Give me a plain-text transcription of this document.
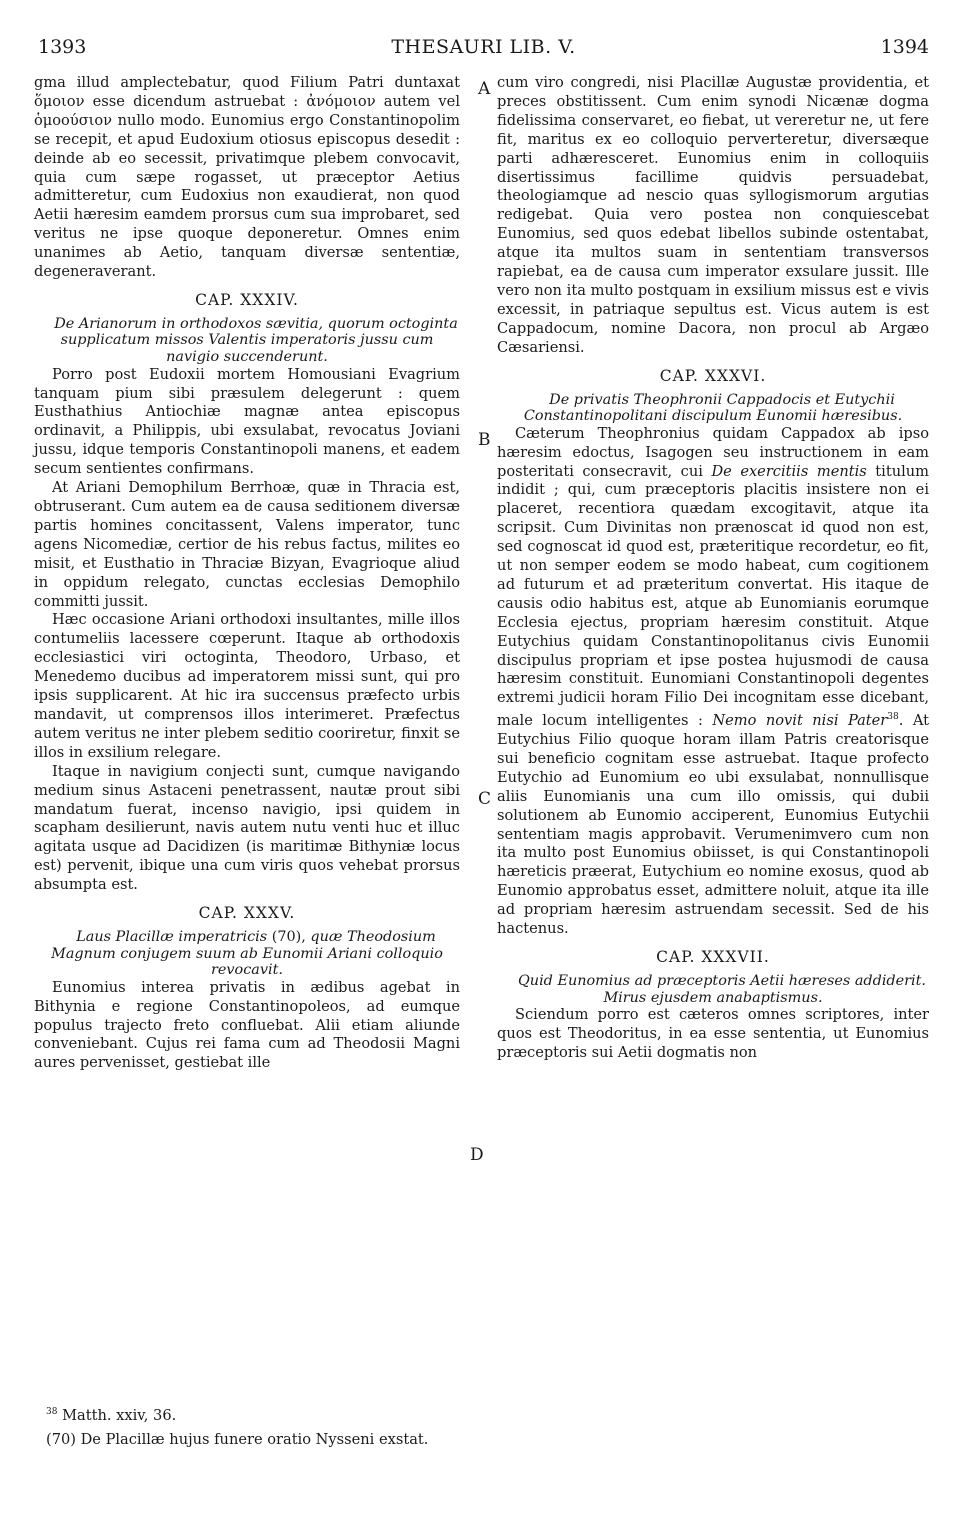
1393	THESAURI LIB. V.	1394
A
B
C
D

gma illud amplectebatur, quod Filium Patri duntaxat ὅμοιον esse dicendum astruebat : ἀνόμοιον autem vel ὁμοούσιον nullo modo. Eunomius ergo Constantinopolim se recepit, et apud Eudoxium otiosus episcopus desedit : deinde ab eo secessit, privatimque plebem convocavit, quia cum sæpe rogasset, ut præceptor Aetius admitteretur, cum Eudoxius non exaudierat, non quod Aetii hæresim eamdem prorsus cum sua improbaret, sed veritus ne ipse quoque deponeretur. Omnes enim unanimes ab Aetio, tanquam diversæ sententiæ, degeneraverant.

CAP. XXXIV.

De Arianorum in orthodoxos sævitia, quorum octoginta supplicatum missos Valentis imperatoris jussu cum navigio succenderunt.

Porro post Eudoxii mortem Homousiani Evagrium tanquam pium sibi præsulem delegerunt : quem Eusthathius Antiochiæ magnæ antea episcopus ordinavit, a Philippis, ubi exsulabat, revocatus Joviani jussu, idque temporis Constantinopoli manens, et eadem secum sentientes confirmans.

At Ariani Demophilum Berrhoæ, quæ in Thracia est, obtruserant. Cum autem ea de causa seditionem diversæ partis homines concitassent, Valens imperator, tunc agens Nicomediæ, certior de his rebus factus, milites eo misit, et Eusthatio in Thraciæ Bizyan, Evagrioque aliud in oppidum relegato, cunctas ecclesias Demophilo committi jussit.

Hæc occasione Ariani orthodoxi insultantes, mille illos contumeliis lacessere cœperunt. Itaque ab orthodoxis ecclesiastici viri octoginta, Theodoro, Urbaso, et Menedemo ducibus ad imperatorem missi sunt, qui pro ipsis supplicarent. At hic ira succensus præfecto urbis mandavit, ut comprensos illos interimeret. Præfectus autem veritus ne inter plebem seditio cooriretur, finxit se illos in exsilium relegare.

Itaque in navigium conjecti sunt, cumque navigando medium sinus Astaceni penetrassent, nautæ prout sibi mandatum fuerat, incenso navigio, ipsi quidem in scapham desilierunt, navis autem nutu venti huc et illuc agitata usque ad Dacidizen (is maritimæ Bithyniæ locus est) pervenit, ibique una cum viris quos vehebat prorsus absumpta est.

CAP. XXXV.

Laus Placillæ imperatricis (70), quæ Theodosium Magnum conjugem suum ab Eunomii Ariani colloquio revocavit.

Eunomius interea privatis in ædibus agebat in Bithynia e regione Constantinopoleos, ad eumque populus trajecto freto confluebat. Alii etiam aliunde conveniebant. Cujus rei fama cum ad Theodosii Magni aures pervenisset, gestiebat ille

cum viro congredi, nisi Placillæ Augustæ providentia, et preces obstitissent. Cum enim synodi Nicænæ dogma fidelissima conservaret, eo fiebat, ut vereretur ne, ut fere fit, maritus ex eo colloquio perverteretur, diversæque parti adhæresceret. Eunomius enim in colloquiis disertissimus facillime quidvis persuadebat, theologiamque ad nescio quas syllogismorum argutias redigebat. Quia vero postea non conquiescebat Eunomius, sed quos edebat libellos subinde ostentabat, atque ita multos suam in sententiam transversos rapiebat, ea de causa cum imperator exsulare jussit. Ille vero non ita multo postquam in exsilium missus est e vivis excessit, in patriaque sepultus est. Vicus autem is est Cappadocum, nomine Dacora, non procul ab Argæo Cæsariensi.

CAP. XXXVI.

De privatis Theophronii Cappadocis et Eutychii Constantinopolitani discipulum Eunomii hæresibus.

Cæterum Theophronius quidam Cappadox ab ipso hæresim edoctus, Isagogen seu instructionem in eam posteritati consecravit, cui De exercitiis mentis titulum indidit ; qui, cum præceptoris placitis insistere non ei placeret, recentiora quædam excogitavit, atque ita scripsit. Cum Divinitas non prænoscat id quod non est, sed cognoscat id quod est, præteritique recordetur, eo fit, ut non semper eodem se modo habeat, cum cogitionem ad futurum et ad præteritum convertat. His itaque de causis odio habitus est, atque ab Eunomianis eorumque Ecclesia ejectus, propriam hæresim constituit. Atque Eutychius quidam Constantinopolitanus civis Eunomii discipulus propriam et ipse postea hujusmodi de causa hæresim constituit. Eunomiani Constantinopoli degentes extremi judicii horam Filio Dei incognitam esse dicebant, male locum intelligentes : Nemo novit nisi Pater$^{38}$. At Eutychius Filio quoque horam illam Patris creatorisque sui beneficio cognitam esse astruebat. Itaque profecto Eutychio ad Eunomium eo ubi exsulabat, nonnullisque aliis Eunomianis una cum illo omissis, qui dubii solutionem ab Eunomio acciperent, Eunomius Eutychii sententiam magis approbavit. Verumenimvero cum non ita multo post Eunomius obiisset, is qui Constantinopoli hæreticis præerat, Eutychium eo nomine exosus, quod ab Eunomio approbatus esset, admittere noluit, atque ita ille ad propriam hæresim astruendam secessit. Sed de his hactenus.

CAP. XXXVII.

Quid Eunomius ad præceptoris Aetii hæreses addiderit. Mirus ejusdem anabaptismus.

Sciendum porro est cæteros omnes scriptores, inter quos est Theodoritus, in ea esse sententia, ut Eunomius præceptoris sui Aetii dogmatis non

$^{38}$ Matth. xxiv, 36.
(70) De Placillæ hujus funere oratio Nysseni exstat.
